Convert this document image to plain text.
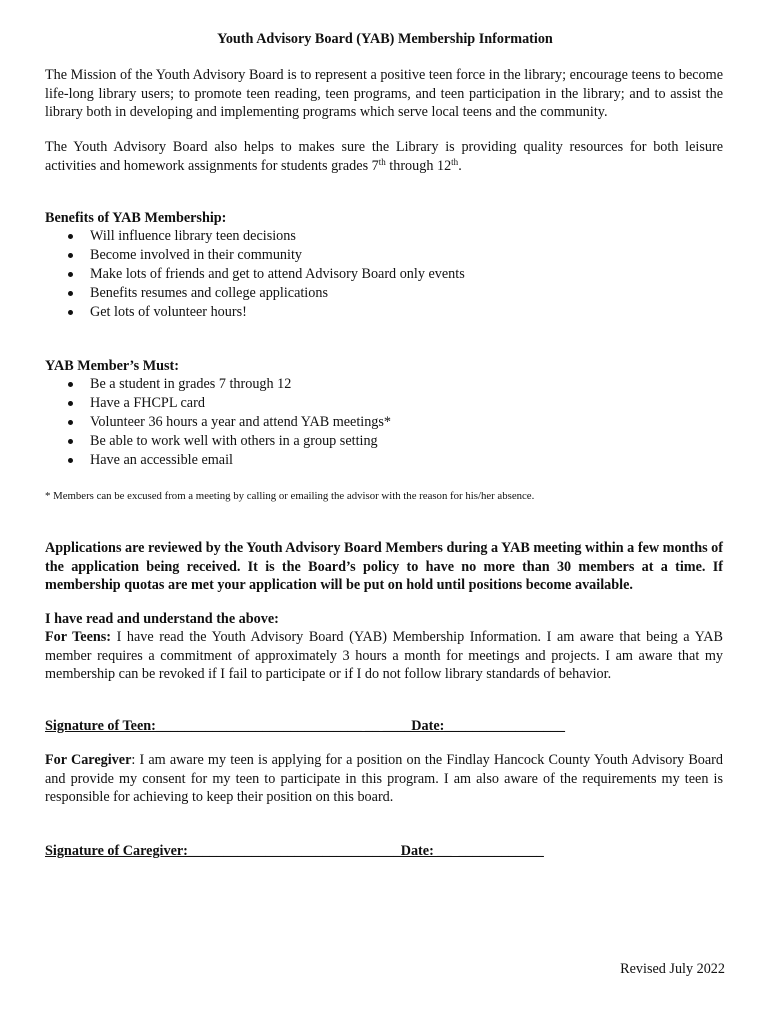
Youth Advisory Board (YAB) Membership Information
The Mission of the Youth Advisory Board is to represent a positive teen force in the library; encourage teens to become life-long library users; to promote teen reading, teen programs, and teen participation in the library; and to assist the library both in developing and implementing programs which serve local teens and the community.
The Youth Advisory Board also helps to makes sure the Library is providing quality resources for both leisure activities and homework assignments for students grades 7th through 12th.
Benefits of YAB Membership:
Will influence library teen decisions
Become involved in their community
Make lots of friends and get to attend Advisory Board only events
Benefits resumes and college applications
Get lots of volunteer hours!
YAB Member’s Must:
Be a student in grades 7 through 12
Have a FHCPL card
Volunteer 36 hours a year and attend YAB meetings*
Be able to work well with others in a group setting
Have an accessible email
* Members can be excused from a meeting by calling or emailing the advisor with the reason for his/her absence.
Applications are reviewed by the Youth Advisory Board Members during a YAB meeting within a few months of the application being received. It is the Board’s policy to have no more than 30 members at a time. If membership quotas are met your application will be put on hold until positions become available.
I have read and understand the above:
For Teens: I have read the Youth Advisory Board (YAB) Membership Information. I am aware that being a YAB member requires a commitment of approximately 3 hours a month for meetings and projects. I am aware that my membership can be revoked if I fail to participate or if I do not follow library standards of behavior.
Signature of Teen:_____________________________ __ ____Date:_________________
For Caregiver: I am aware my teen is applying for a position on the Findlay Hancock County Youth Advisory Board and provide my consent for my teen to participate in this program. I am also aware of the requirements my teen is responsible for achieving to keep their position on this board.
Signature of Caregiver:______________________________Date: __  ____________
Revised July 2022
